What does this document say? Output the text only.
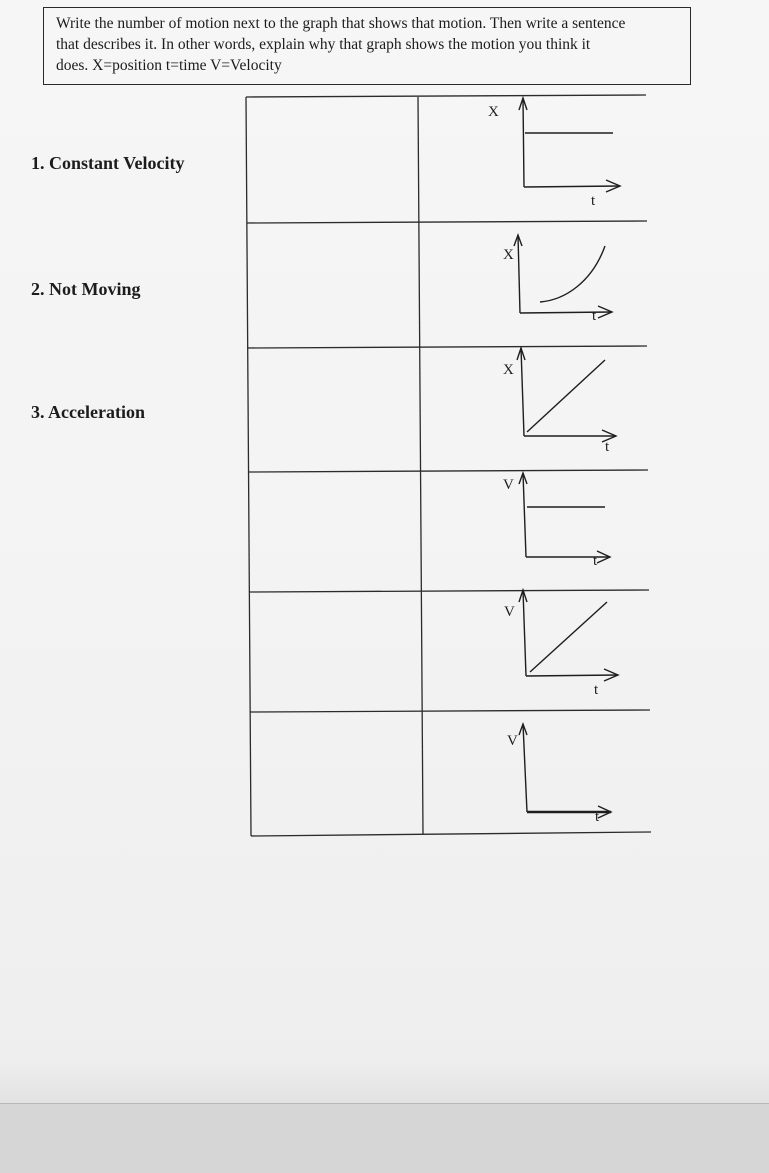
Write the number of motion next to the graph that shows that motion. Then write a sentence
that describes it. In other words, explain why that graph shows the motion you think it
does. X=position t=time V=Velocity
1. Constant Velocity
2. Not Moving
3. Acceleration
X
t
X
t
X
t
V
t
V
t
V
t
